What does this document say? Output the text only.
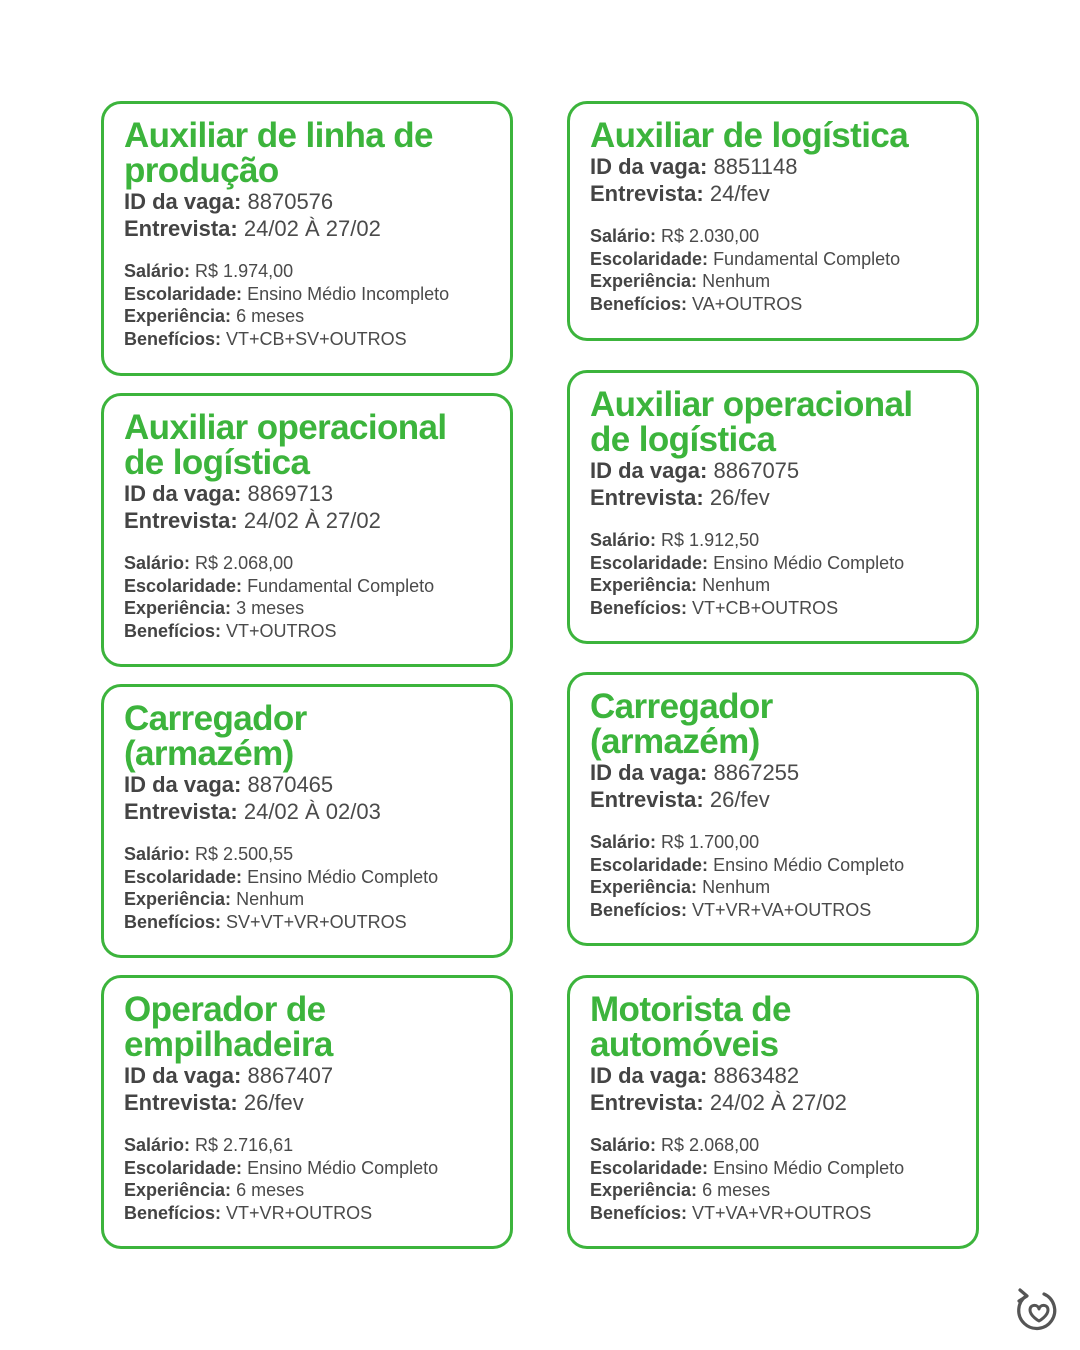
Auxiliar de linha de produção
ID da vaga: 8870576
Entrevista: 24/02 À 27/02
Salário: R$ 1.974,00
Escolaridade: Ensino Médio Incompleto
Experiência: 6 meses
Benefícios: VT+CB+SV+OUTROS
Auxiliar de logística
ID da vaga: 8851148
Entrevista: 24/fev
Salário: R$ 2.030,00
Escolaridade: Fundamental Completo
Experiência: Nenhum
Benefícios: VA+OUTROS
Auxiliar operacional de logística
ID da vaga: 8869713
Entrevista: 24/02 À 27/02
Salário: R$ 2.068,00
Escolaridade: Fundamental Completo
Experiência: 3 meses
Benefícios: VT+OUTROS
Auxiliar operacional de logística
ID da vaga: 8867075
Entrevista: 26/fev
Salário: R$ 1.912,50
Escolaridade: Ensino Médio Completo
Experiência: Nenhum
Benefícios: VT+CB+OUTROS
Carregador (armazém)
ID da vaga: 8870465
Entrevista: 24/02 À 02/03
Salário: R$ 2.500,55
Escolaridade: Ensino Médio Completo
Experiência: Nenhum
Benefícios: SV+VT+VR+OUTROS
Carregador (armazém)
ID da vaga: 8867255
Entrevista: 26/fev
Salário: R$ 1.700,00
Escolaridade: Ensino Médio Completo
Experiência: Nenhum
Benefícios: VT+VR+VA+OUTROS
Operador de empilhadeira
ID da vaga: 8867407
Entrevista: 26/fev
Salário: R$ 2.716,61
Escolaridade: Ensino Médio Completo
Experiência: 6 meses
Benefícios: VT+VR+OUTROS
Motorista de automóveis
ID da vaga: 8863482
Entrevista: 24/02 À 27/02
Salário: R$ 2.068,00
Escolaridade: Ensino Médio Completo
Experiência: 6 meses
Benefícios: VT+VA+VR+OUTROS
